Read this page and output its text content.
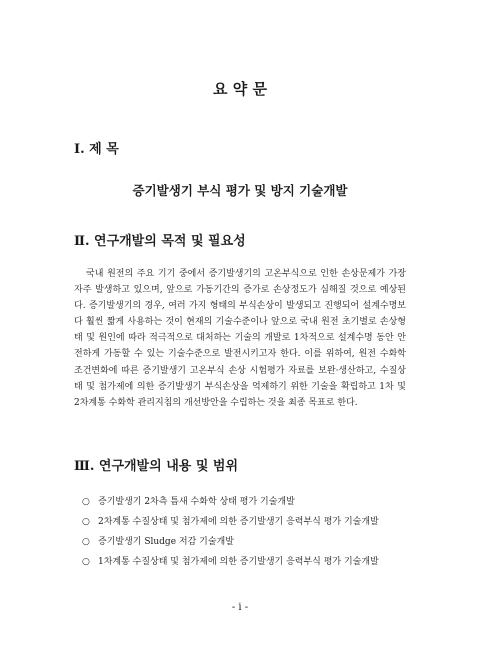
요 약 문
Ⅰ. 제 목
증기발생기 부식 평가 및 방지 기술개발
Ⅱ. 연구개발의 목적 및 필요성

국내 원전의 주요 기기 중에서 증기발생기의 고온부식으로 인한 손상문제가 가장 자주 발생하고 있으며, 앞으로 가동기간의 증가로 손상정도가 심해질 것으로 예상된다. 증기발생기의 경우, 여러 가지 형태의 부식손상이 발생되고 진행되어 설계수명보다 훨씬 짧게 사용하는 것이 현재의 기술수준이나 앞으로 국내 원전 초기별로 손상형태 및 원인에 따라 적극적으로 대처하는 기술의 개발로 1차적으로 설계수명 동안 안전하게 가동할 수 있는 기술수준으로 발전시키고자 한다. 이를 위하여, 원전 수화학 조건변화에 따른 증기발생기 고온부식 손상 시험평가 자료를 보완·생산하고, 수질상태 및 첨가제에 의한 증기발생기 부식손상을 억제하기 위한 기술을 확립하고 1차 및 2차계통 수화학 관리지침의 개선방안을 수립하는 것을 최종 목표로 한다.

Ⅲ. 연구개발의 내용 및 범위
○ 증기발생기 2차측 틈새 수화학 상태 평가 기술개발
○ 2차계통 수질상태 및 첨가제에 의한 증기발생기 응력부식 평가 기술개발
○ 증기발생기 Sludge 저감 기술개발
○ 1차계통 수질상태 및 첨가제에 의한 증기발생기 응력부식 평가 기술개발
- i -
